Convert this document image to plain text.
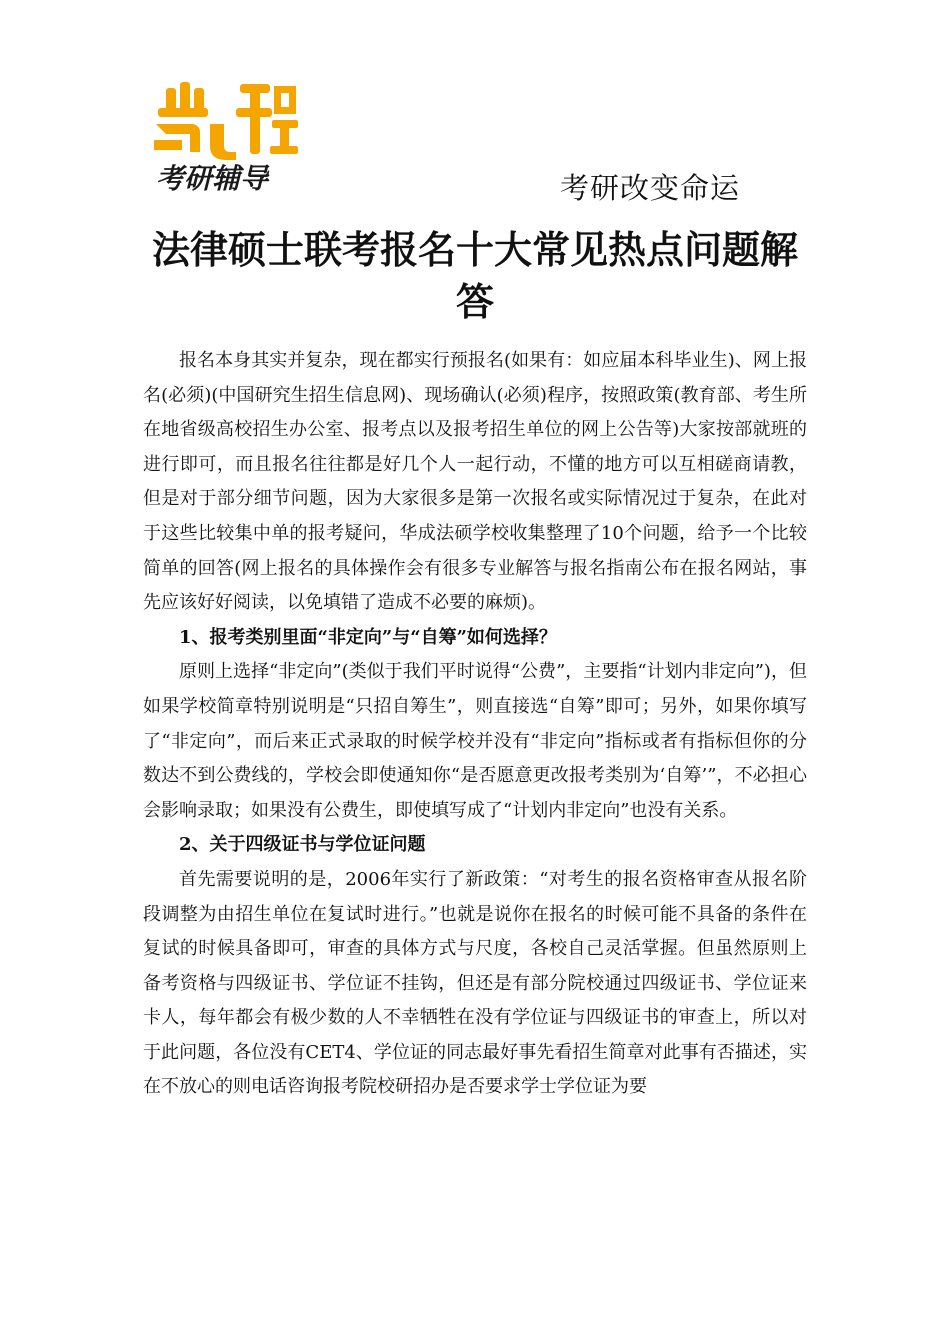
考研辅导	考研改变命运
法律硕士联考报名十大常见热点问题解答

报名本身其实并复杂，现在都实行预报名(如果有：如应届本科毕业生)、网上报名(必须)(中国研究生招生信息网)、现场确认(必须)程序，按照政策(教育部、考生所在地省级高校招生办公室、报考点以及报考招生单位的网上公告等)大家按部就班的进行即可，而且报名往往都是好几个人一起行动，不懂的地方可以互相磋商请教，但是对于部分细节问题，因为大家很多是第一次报名或实际情况过于复杂，在此对于这些比较集中单的报考疑问，华成法硕学校收集整理了10个问题，给予一个比较简单的回答(网上报名的具体操作会有很多专业解答与报名指南公布在报名网站，事先应该好好阅读，以免填错了造成不必要的麻烦)。

1、报考类别里面“非定向”与“自筹”如何选择？

原则上选择“非定向”(类似于我们平时说得“公费”，主要指“计划内非定向”)，但如果学校简章特别说明是“只招自筹生”，则直接选“自筹”即可；另外，如果你填写了“非定向”，而后来正式录取的时候学校并没有“非定向”指标或者有指标但你的分数达不到公费线的，学校会即使通知你“是否愿意更改报考类别为‘自筹’”，不必担心会影响录取；如果没有公费生，即使填写成了“计划内非定向”也没有关系。

2、关于四级证书与学位证问题

首先需要说明的是，2006年实行了新政策：“对考生的报名资格审查从报名阶段调整为由招生单位在复试时进行。”也就是说你在报名的时候可能不具备的条件在复试的时候具备即可，审查的具体方式与尺度，各校自己灵活掌握。但虽然原则上备考资格与四级证书、学位证不挂钩，但还是有部分院校通过四级证书、学位证来卡人，每年都会有极少数的人不幸牺牲在没有学位证与四级证书的审查上，所以对于此问题，各位没有CET4、学位证的同志最好事先看招生简章对此事有否描述，实在不放心的则电话咨询报考院校研招办是否要求学士学位证为要
